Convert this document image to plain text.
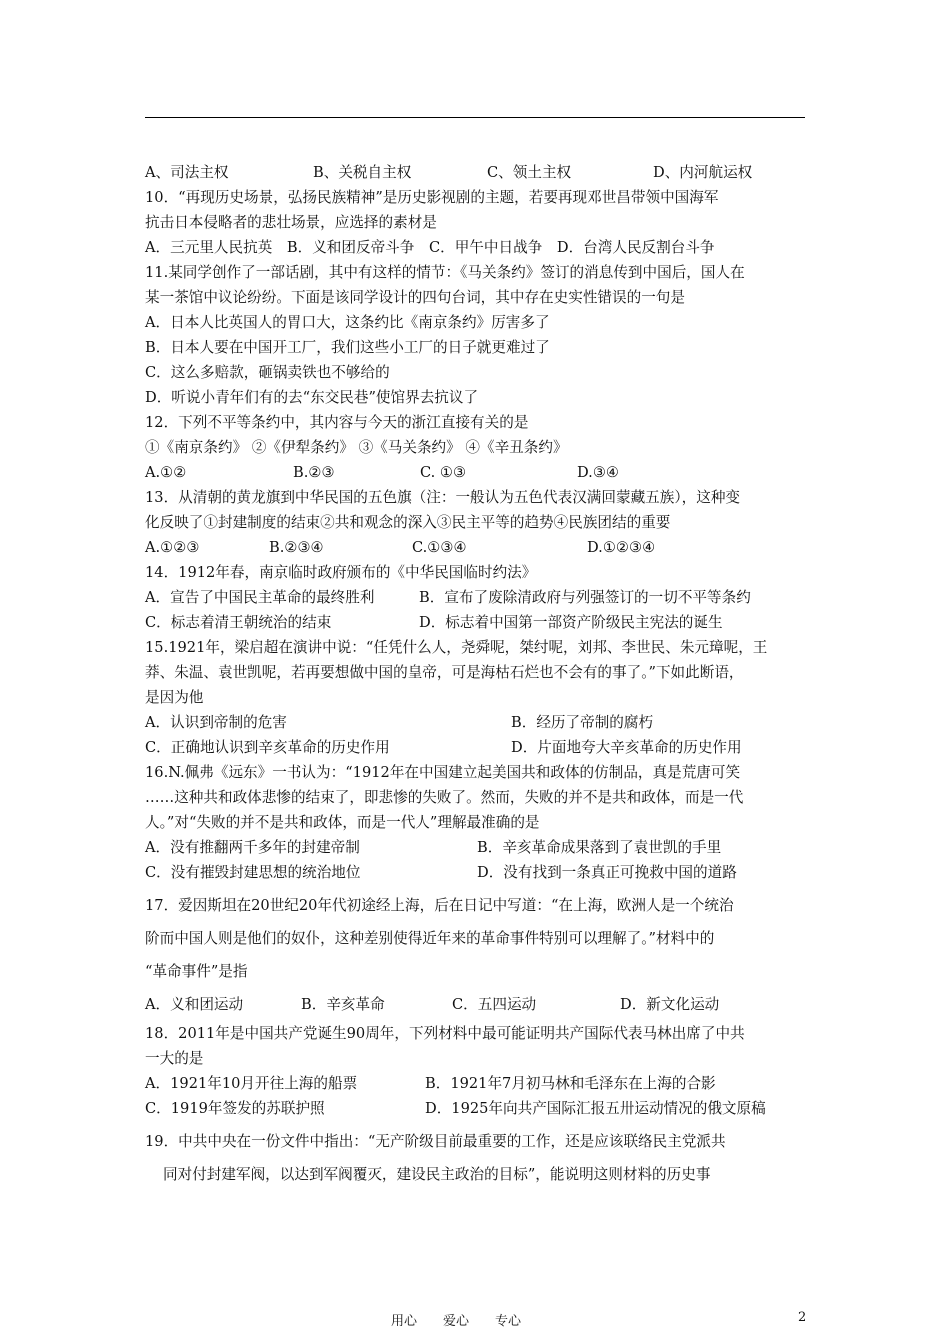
A、司法主权	B、关税自主权	C、领土主权	D、内河航运权
10．“再现历史场景，弘扬民族精神”是历史影视剧的主题，若要再现邓世昌带领中国海军
抗击日本侵略者的悲壮场景，应选择的素材是
A．三元里人民抗英　B．义和团反帝斗争　C．甲午中日战争　D．台湾人民反割台斗争
11.某同学创作了一部话剧，其中有这样的情节：《马关条约》签订的消息传到中国后，国人在
某一茶馆中议论纷纷。下面是该同学设计的四句台词，其中存在史实性错误的一句是
A．日本人比英国人的胃口大，这条约比《南京条约》厉害多了
B．日本人要在中国开工厂，我们这些小工厂的日子就更难过了
C．这么多赔款，砸锅卖铁也不够给的
D．听说小青年们有的去“东交民巷”使馆界去抗议了
12．下列不平等条约中，其内容与今天的浙江直接有关的是
①《南京条约》 ②《伊犁条约》 ③《马关条约》 ④《辛丑条约》
A.①②	B.②③	C. ①③	D.③④
13．从清朝的黄龙旗到中华民国的五色旗（注：一般认为五色代表汉满回蒙藏五族），这种变
化反映了①封建制度的结束②共和观念的深入③民主平等的趋势④民族团结的重要
A.①②③	B.②③④	C.①③④	D.①②③④
14．1912年春，南京临时政府颁布的《中华民国临时约法》
A．宣告了中国民主革命的最终胜利	B．宣布了废除清政府与列强签订的一切不平等条约
C．标志着清王朝统治的结束	D．标志着中国第一部资产阶级民主宪法的诞生
15.1921年，梁启超在演讲中说：“任凭什么人，尧舜呢，桀纣呢，刘邦、李世民、朱元璋呢，王
莽、朱温、袁世凯呢，若再要想做中国的皇帝，可是海枯石烂也不会有的事了。”下如此断语，
是因为他
A．认识到帝制的危害	B．经历了帝制的腐朽
C．正确地认识到辛亥革命的历史作用	D．片面地夸大辛亥革命的历史作用
16.N.佩弗《远东》一书认为：“1912年在中国建立起美国共和政体的仿制品，真是荒唐可笑
……这种共和政体悲惨的结束了，即悲惨的失败了。然而，失败的并不是共和政体，而是一代
人。”对“失败的并不是共和政体，而是一代人”理解最准确的是
A．没有推翻两千多年的封建帝制	B．辛亥革命成果落到了袁世凯的手里
C．没有摧毁封建思想的统治地位	D．没有找到一条真正可挽救中国的道路
17．爱因斯坦在20世纪20年代初途经上海，后在日记中写道：“在上海，欧洲人是一个统治
阶而中国人则是他们的奴仆，这种差别使得近年来的革命事件特别可以理解了。”材料中的
“革命事件”是指
A．义和团运动	B．辛亥革命	C．五四运动	D．新文化运动
18．2011年是中国共产党诞生90周年，下列材料中最可能证明共产国际代表马林出席了中共
一大的是
A．1921年10月开往上海的船票	B．1921年7月初马林和毛泽东在上海的合影
C．1919年签发的苏联护照	D．1925年向共产国际汇报五卅运动情况的俄文原稿
19．中共中央在一份文件中指出：“无产阶级目前最重要的工作，还是应该联络民主党派共
同对付封建军阀，以达到军阀覆灭，建设民主政治的目标”，能说明这则材料的历史事
用心　　爱心　　专心	2
